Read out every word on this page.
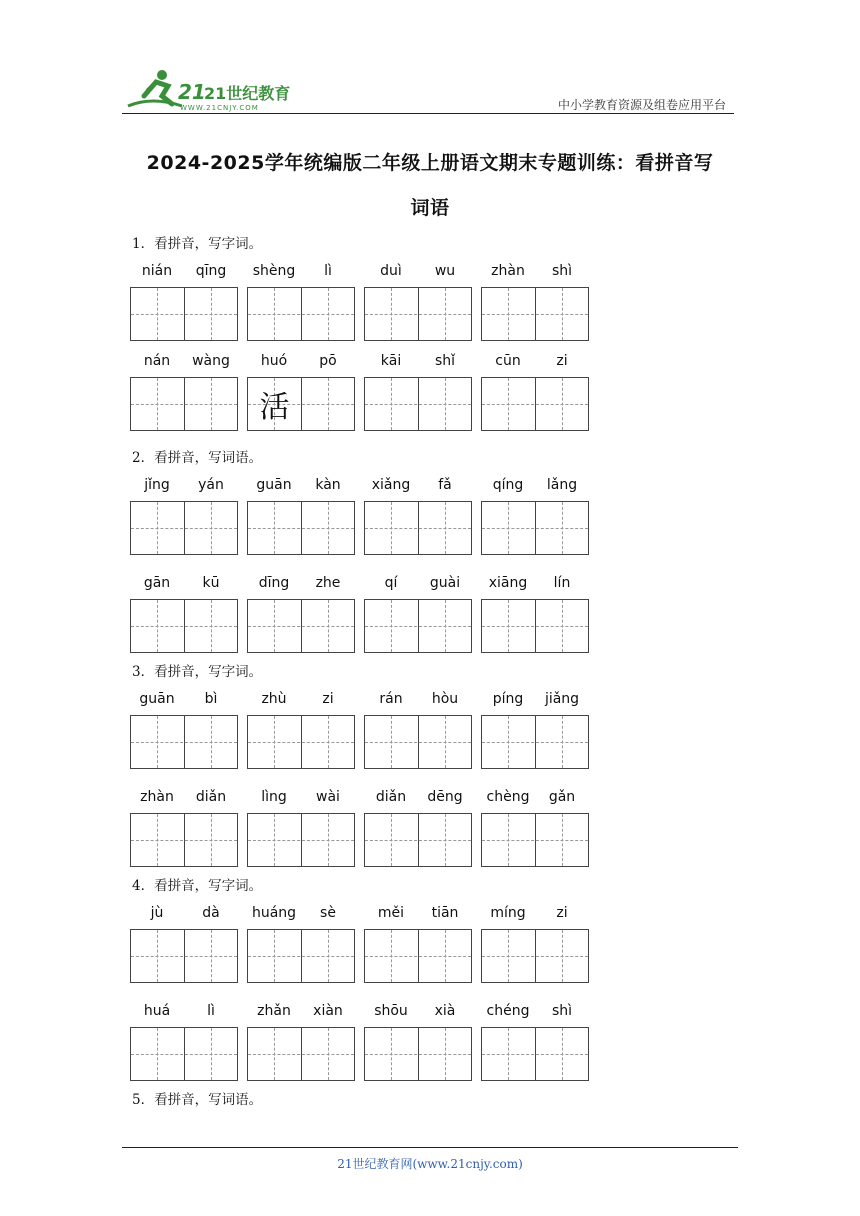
21
21世纪教育
WWW.21CNJY.COM	中小学教育资源及组卷应用平台
2024-2025学年统编版二年级上册语文期末专题训练：看拼音写
词语
1．看拼音，写字词。
2．看拼音，写词语。
3．看拼音，写字词。
4．看拼音，写字词。
5．看拼音，写词语。
nián	qīng	shèng	lì	duì	wu	zhàn	shì
nán	wàng	huó	pō
活
kāi	shǐ	cūn	zi
jǐng	yán	guān	kàn	xiǎng	fǎ	qíng	lǎng
gān	kū	dīng	zhe	qí	guài	xiāng	lín
guān	bì	zhù	zi	rán	hòu	píng	jiǎng
zhàn	diǎn	lìng	wài	diǎn	dēng	chèng	gǎn
jù	dà	huáng	sè	měi	tiān	míng	zi
huá	lì	zhǎn	xiàn	shōu	xià	chéng	shì
21世纪教育网(www.21cnjy.com)
